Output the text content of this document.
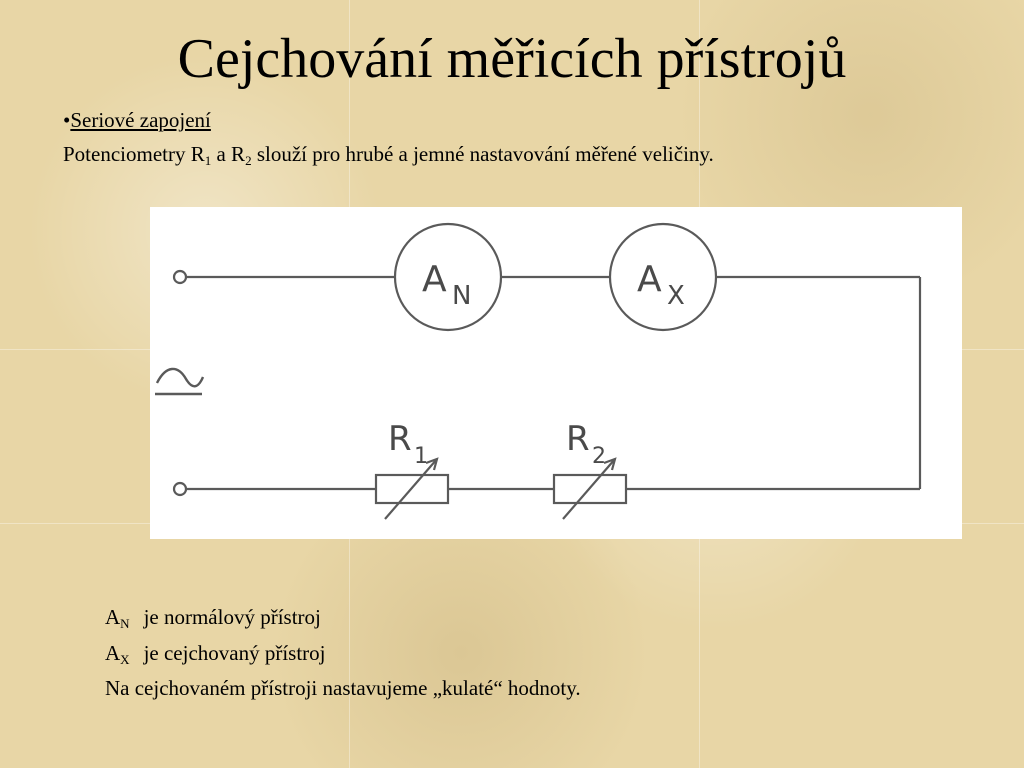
Cejchování měřicích přístrojů
•Seriové zapojení
Potenciometry $R_1$ a $R_2$ slouží pro hrubé a jemné nastavování měřené veličiny.
A N	A X
R 1	R 2
$A_N$ je normálový přístroj
$A_X$ je cejchovaný přístroj
Na cejchovaném přístroji nastavujeme „kulaté“ hodnoty.
